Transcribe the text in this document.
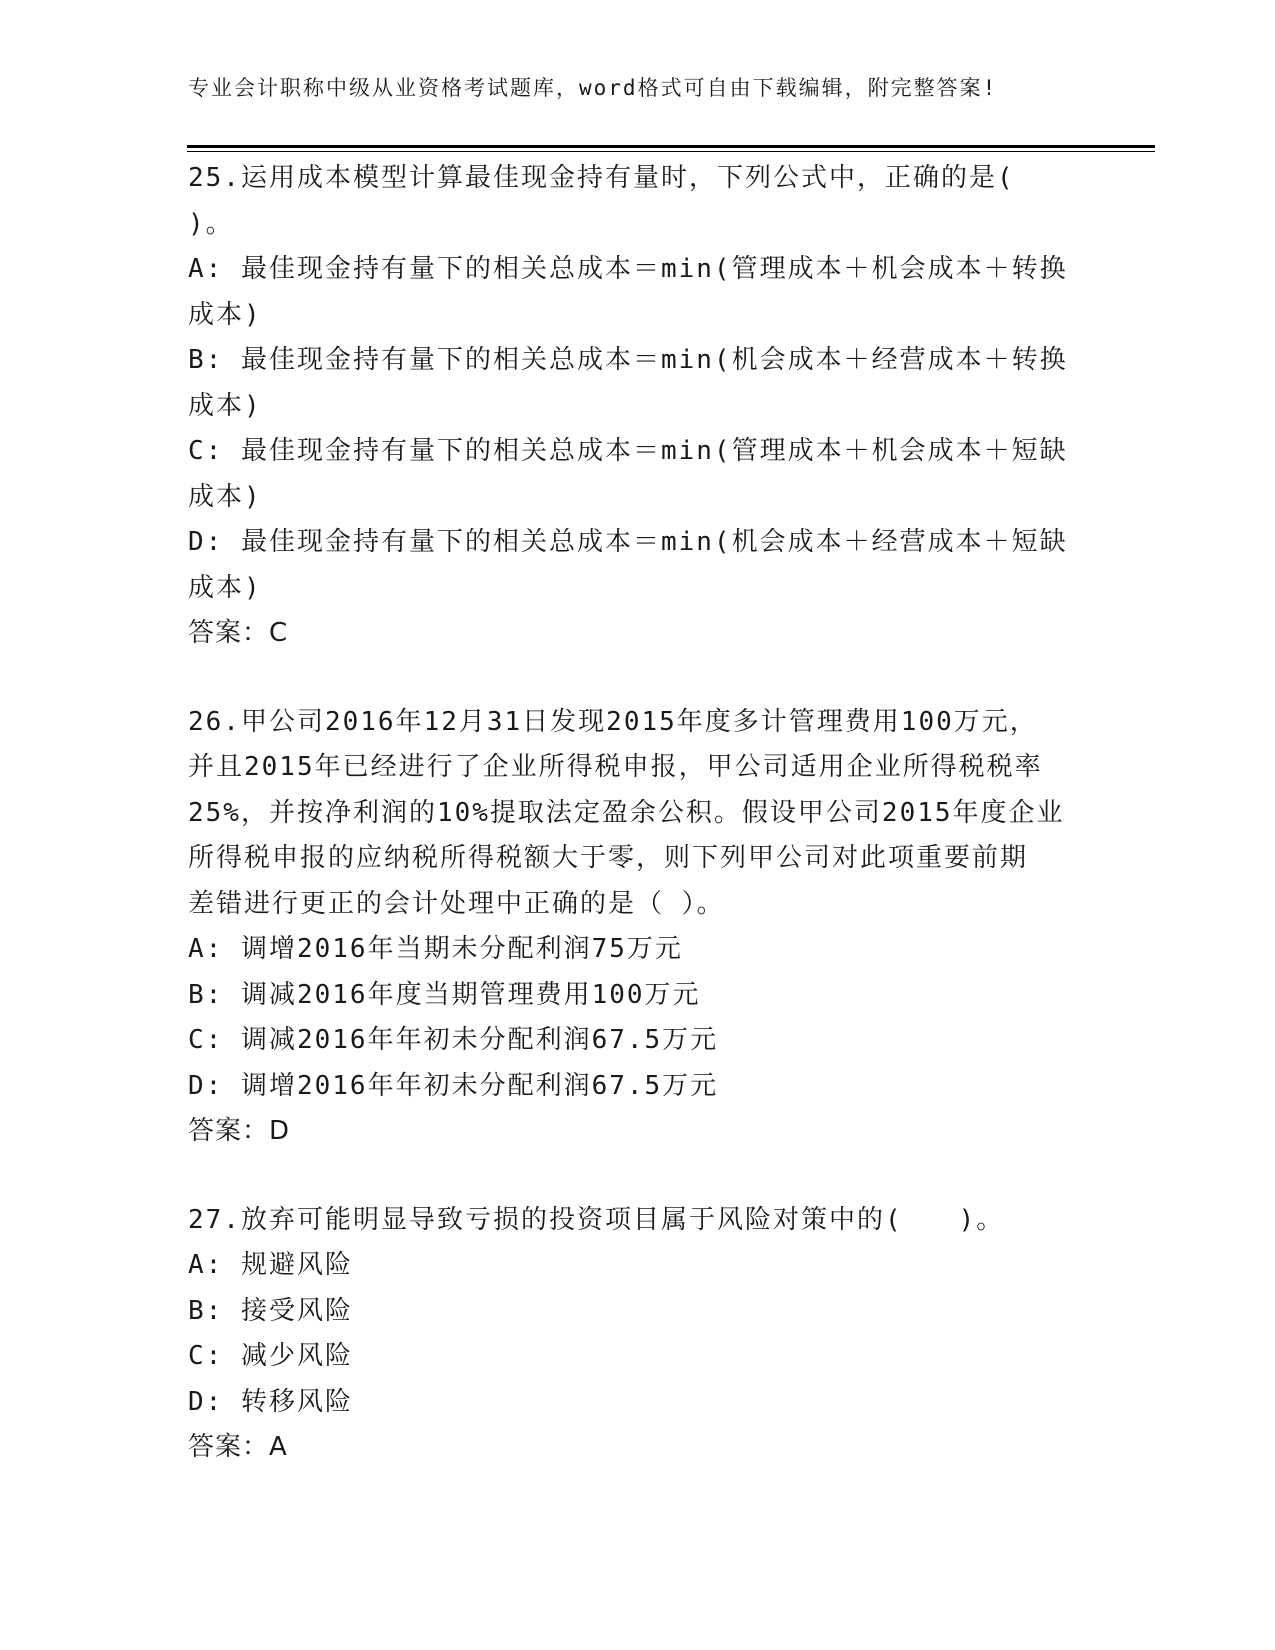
专业会计职称中级从业资格考试题库，word格式可自由下载编辑，附完整答案!
25.运用成本模型计算最佳现金持有量时，下列公式中，正确的是(
)。
A: 最佳现金持有量下的相关总成本＝min(管理成本＋机会成本＋转换
成本)
B: 最佳现金持有量下的相关总成本＝min(机会成本＋经营成本＋转换
成本)
C: 最佳现金持有量下的相关总成本＝min(管理成本＋机会成本＋短缺
成本)
D: 最佳现金持有量下的相关总成本＝min(机会成本＋经营成本＋短缺
成本)
答案：C
26.甲公司2016年12月31日发现2015年度多计管理费用100万元，
并且2015年已经进行了企业所得税申报，甲公司适用企业所得税税率
25%，并按净利润的10%提取法定盈余公积。假设甲公司2015年度企业
所得税申报的应纳税所得税额大于零，则下列甲公司对此项重要前期
差错进行更正的会计处理中正确的是（ ）。
A: 调增2016年当期未分配利润75万元
B: 调减2016年度当期管理费用100万元
C: 调减2016年年初未分配利润67.5万元
D: 调增2016年年初未分配利润67.5万元
答案：D
27.放弃可能明显导致亏损的投资项目属于风险对策中的(　　)。
A: 规避风险
B: 接受风险
C: 减少风险
D: 转移风险
答案：A
